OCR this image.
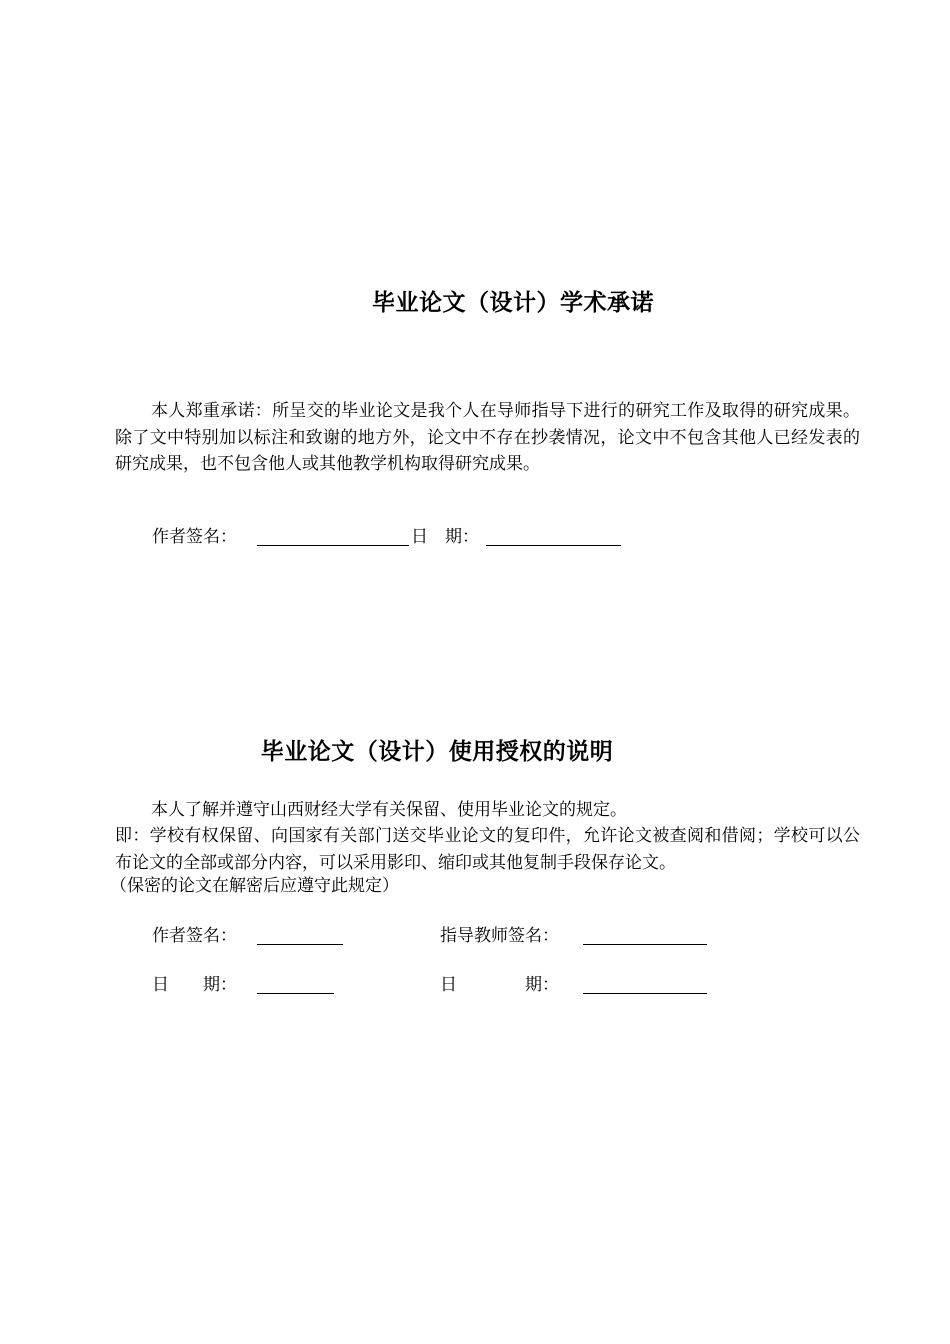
毕业论文（设计）学术承诺

本人郑重承诺：所呈交的毕业论文是我个人在导师指导下进行的研究工作及取得的研究成果。除了文中特别加以标注和致谢的地方外，论文中不存在抄袭情况，论文中不包含其他人已经发表的研究成果，也不包含他人或其他教学机构取得研究成果。

作者签名：	日　期：
毕业论文（设计）使用授权的说明

本人了解并遵守山西财经大学有关保留、使用毕业论文的规定。

即：学校有权保留、向国家有关部门送交毕业论文的复印件，允许论文被查阅和借阅；学校可以公布论文的全部或部分内容，可以采用影印、缩印或其他复制手段保存论文。

（保密的论文在解密后应遵守此规定）

作者签名：	指导教师签名：
日　　期：	日　　　　期：
